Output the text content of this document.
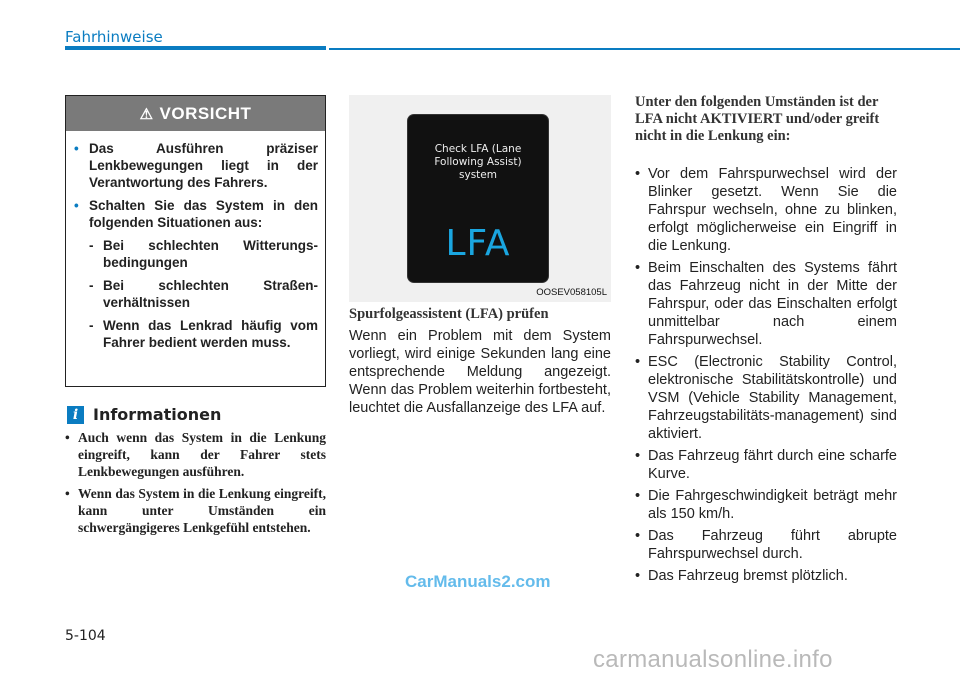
Fahrhinweise
⚠ VORSICHT
• Das Ausführen präziser Lenkbewegungen liegt in der Verantwortung des Fahrers.
• Schalten Sie das System in den folgenden Situationen aus:
- Bei schlechten Witterungs-bedingungen
- Bei schlechten Straßen-verhältnissen
- Wenn das Lenkrad häufig vom Fahrer bedient werden muss.
i Informationen
• Auch wenn das System in die Lenkung eingreift, kann der Fahrer stets Lenkbewegungen ausführen.
• Wenn das System in die Lenkung eingreift, kann unter Umständen ein schwergängigeres Lenkgefühl entstehen.
Check LFA (Lane
Following Assist)
system
LFA
OOSEV058105L
Spurfolgeassistent (LFA) prüfen
Wenn ein Problem mit dem System vorliegt, wird einige Sekunden lang eine entsprechende Meldung angezeigt. Wenn das Problem weiterhin fortbesteht, leuchtet die Ausfallanzeige des LFA auf.
Unter den folgenden Umständen ist der LFA nicht AKTIVIERT und/oder greift nicht in die Lenkung ein:
• Vor dem Fahrspurwechsel wird der Blinker gesetzt. Wenn Sie die Fahrspur wechseln, ohne zu blinken, erfolgt möglicherweise ein Eingriff in die Lenkung.
• Beim Einschalten des Systems fährt das Fahrzeug nicht in der Mitte der Fahrspur, oder das Einschalten erfolgt unmittelbar nach einem Fahrspurwechsel.
• ESC (Electronic Stability Control, elektronische Stabilitätskontrolle) und VSM (Vehicle Stability Management, Fahrzeugstabilitäts-management) sind aktiviert.
• Das Fahrzeug fährt durch eine scharfe Kurve.
• Die Fahrgeschwindigkeit beträgt mehr als 150 km/h.
• Das Fahrzeug führt abrupte Fahrspurwechsel durch.
• Das Fahrzeug bremst plötzlich.
CarManuals2.com
5-104
carmanualsonline.info
